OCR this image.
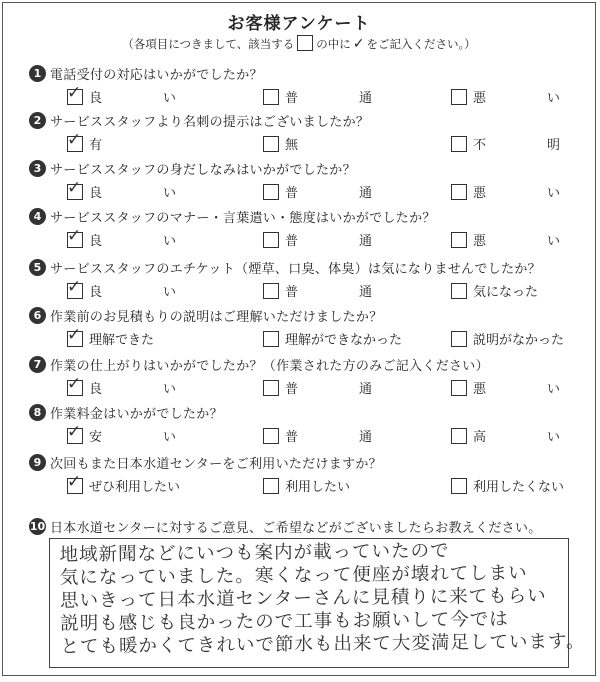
お客様アンケート
（各項目につきまして、該当する の中に ✓ をご記入ください。）
1 電話受付の対応はいかがでしたか？
✓ 良　い	普　通	悪　い
2 サービススタッフより名刺の提示はございましたか？
✓ 有	無	不　明
3 サービススタッフの身だしなみはいかがでしたか？
✓ 良　い	普　通	悪　い
4 サービススタッフのマナー・言葉遣い・態度はいかがでしたか？
✓ 良　い	普　通	悪　い
5 サービススタッフのエチケット（煙草、口臭、体臭）は気になりませんでしたか？
✓ 良　い	普　通	気になった
6 作業前のお見積もりの説明はご理解いただけましたか？
✓ 理解できた	理解ができなかった	説明がなかった
7 作業の仕上がりはいかがでしたか？（作業された方のみご記入ください）
✓ 良　い	普　通	悪　い
8 作業料金はいかがでしたか？
✓ 安　い	普　通	高　い
9 次回もまた日本水道センターをご利用いただけますか？
✓ ぜひ利用したい	利用したい	利用したくない
10 日本水道センターに対するご意見、ご希望などがございましたらお教えください。
地域新聞などにいつも案内が載っていたので
気になっていました。寒くなって便座が壊れてしまい
思いきって日本水道センターさんに見積りに来てもらい
説明も感じも良かったので工事もお願いして今では
とても暖かくてきれいで節水も出来て大変満足しています。
